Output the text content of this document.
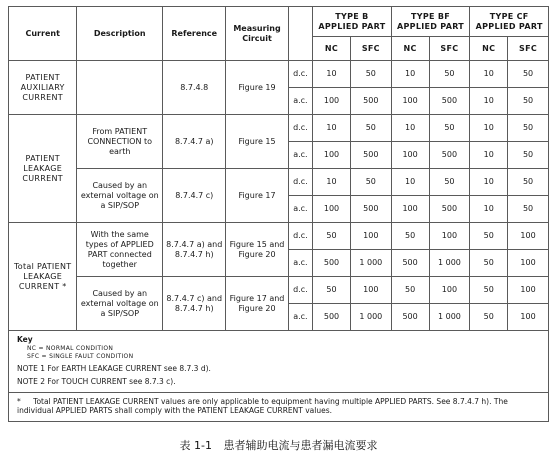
Current	Description	Reference	Measuring Circuit		TYPE B APPLIED PART		TYPE BF APPLIED PART		TYPE CF APPLIED PART	
					NC	SFC	NC	SFC	NC	SFC
PATIENT AUXILIARY CURRENT		8.7.4.8	Figure 19	d.c.	10	50	10	50	10	50
				a.c.	100	500	100	500	10	50
PATIENT LEAKAGE CURRENT	From PATIENT CONNECTION to earth	8.7.4.7 a)	Figure 15	d.c.	10	50	10	50	10	50
				a.c.	100	500	100	500	10	50
	Caused by an external voltage on a SIP/SOP	8.7.4.7 c)	Figure 17	d.c.	10	50	10	50	10	50
				a.c.	100	500	100	500	10	50
Total PATIENT LEAKAGE CURRENT *	With the same types of APPLIED PART connected together	8.7.4.7 a) and 8.7.4.7 h)	Figure 15 and Figure 20	d.c.	50	100	50	100	50	100
				a.c.	500	1 000	500	1 000	50	100
	Caused by an external voltage on a SIP/SOP	8.7.4.7 c) and 8.7.4.7 h)	Figure 17 and Figure 20	d.c.	50	100	50	100	50	100
				a.c.	500	1 000	500	1 000	50	100

Key

NC = NORMAL CONDITION

SFC = SINGLE FAULT CONDITION

NOTE 1 For EARTH LEAKAGE CURRENT see 8.7.3 d).

NOTE 2 For TOUCH CURRENT see 8.7.3 c).

* Total PATIENT LEAKAGE CURRENT values are only applicable to equipment having multiple APPLIED PARTS. See 8.7.4.7 h). The individual APPLIED PARTS shall comply with the PATIENT LEAKAGE CURRENT values.
表 1-1 患者辅助电流与患者漏电流要求
